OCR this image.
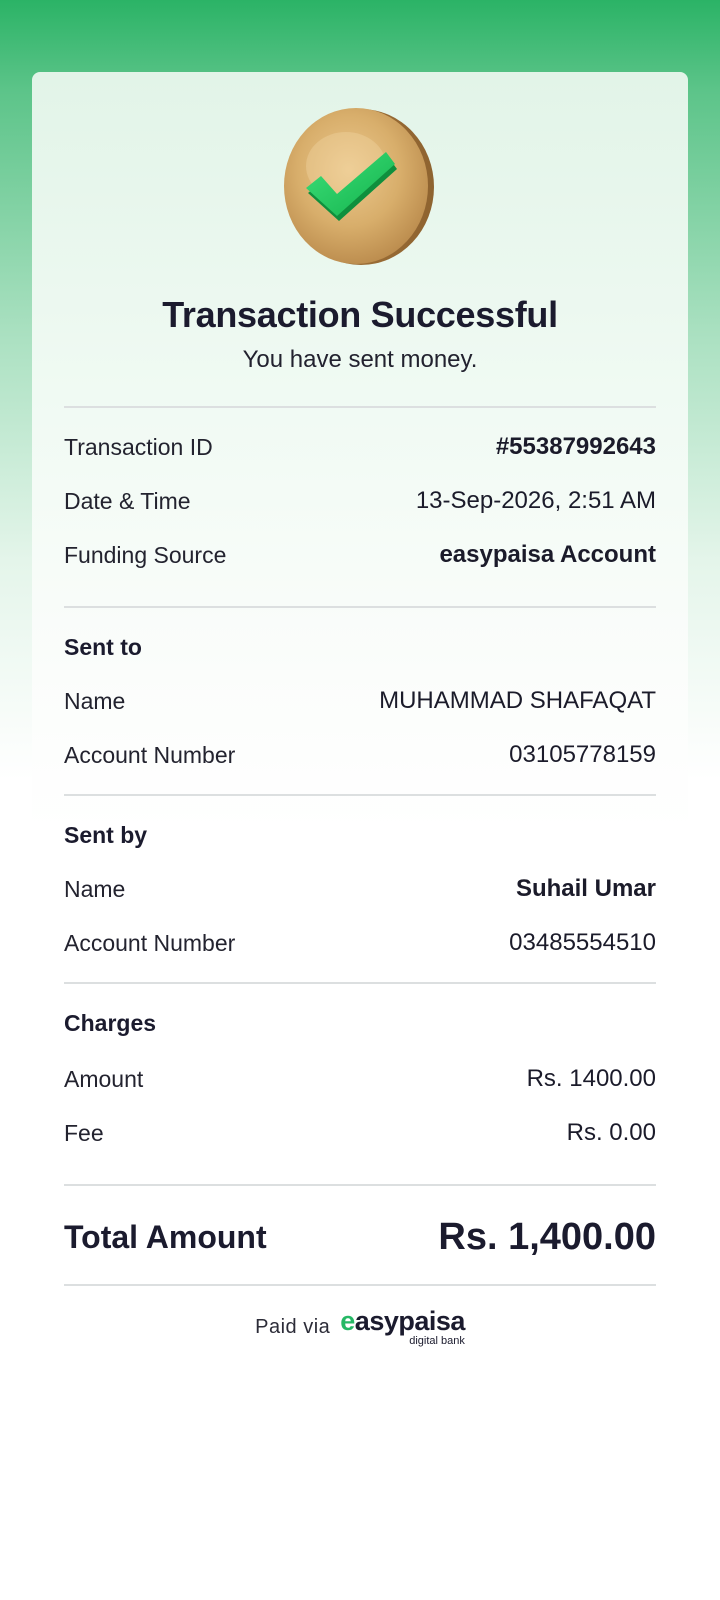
Transaction Successful
You have sent money.
Transaction ID	#55387992643
Date & Time	13-Sep-2026, 2:51 AM
Funding Source	easypaisa Account
Sent to
Name	MUHAMMAD SHAFAQAT
Account Number	03105778159
Sent by
Name	Suhail Umar
Account Number	03485554510
Charges
Amount	Rs. 1400.00
Fee	Rs. 0.00
Total Amount	Rs. 1,400.00
Paid via easypaisa
digital bank
